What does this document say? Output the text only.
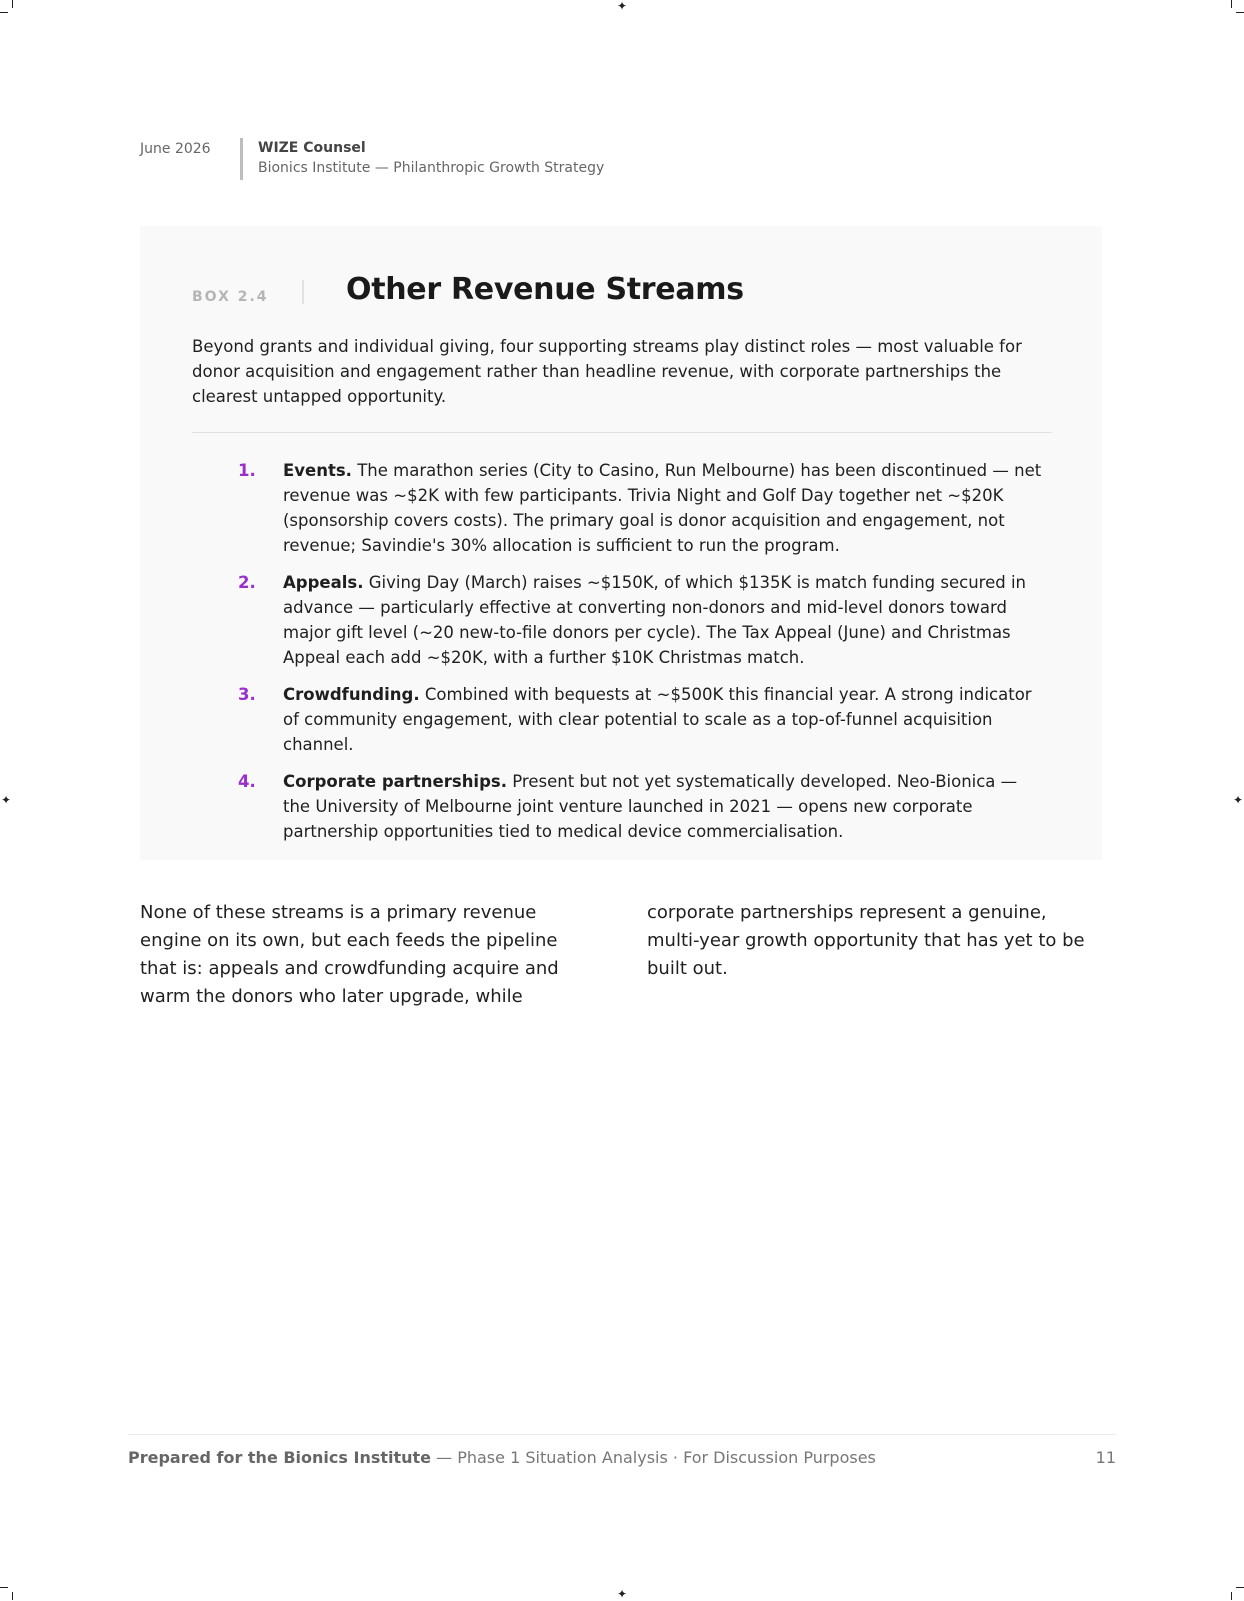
✦
✦
✦	✦
June 2026	WIZE Counsel
Bionics Institute — Philanthropic Growth Strategy
BOX 2.4	Other Revenue Streams

Beyond grants and individual giving, four supporting streams play distinct roles — most valuable for donor acquisition and engagement rather than headline revenue, with corporate partnerships the clearest untapped opportunity.

1.	Events. The marathon series (City to Casino, Run Melbourne) has been discontinued — net revenue was ~$2K with few participants. Trivia Night and Golf Day together net ~$20K (sponsorship covers costs). The primary goal is donor acquisition and engagement, not revenue; Savindie's 30% allocation is sufficient to run the program.
2.	Appeals. Giving Day (March) raises ~$150K, of which $135K is match funding secured in advance — particularly effective at converting non-donors and mid-level donors toward major gift level (~20 new-to-file donors per cycle). The Tax Appeal (June) and Christmas Appeal each add ~$20K, with a further $10K Christmas match.
3.	Crowdfunding. Combined with bequests at ~$500K this financial year. A strong indicator of community engagement, with clear potential to scale as a top-of-funnel acquisition channel.
4.	Corporate partnerships. Present but not yet systematically developed. Neo-Bionica — the University of Melbourne joint venture launched in 2021 — opens new corporate partnership opportunities tied to medical device commercialisation.

None of these streams is a primary revenue engine on its own, but each feeds the pipeline that is: appeals and crowdfunding acquire and warm the donors who later upgrade, while corporate partnerships represent a genuine, multi-year growth opportunity that has yet to be built out.

Prepared for the Bionics Institute — Phase 1 Situation Analysis · For Discussion Purposes	11
